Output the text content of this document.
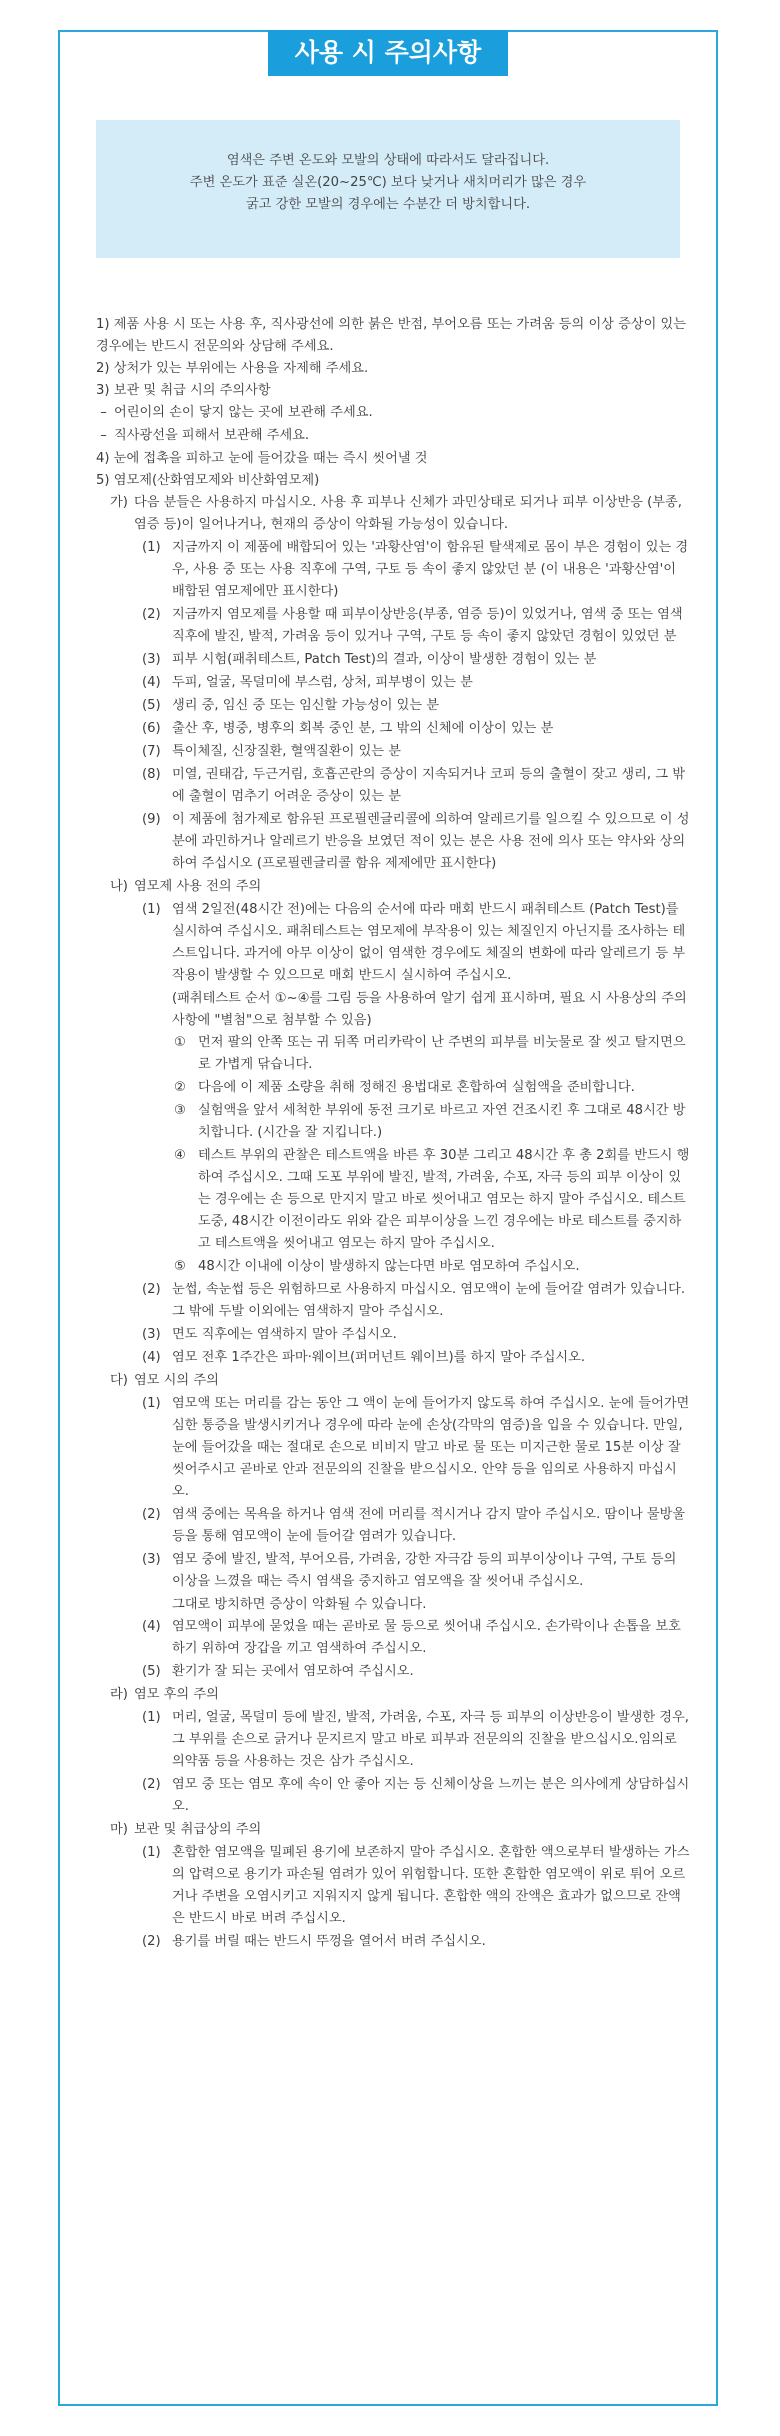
사용 시 주의사항
염색은 주변 온도와 모발의 상태에 따라서도 달라집니다.
주변 온도가 표준 실온(20~25℃) 보다 낮거나 새치머리가 많은 경우
굵고 강한 모발의 경우에는 수분간 더 방치합니다.
1) 제품 사용 시 또는 사용 후, 직사광선에 의한 붉은 반점, 부어오름 또는 가려움 등의 이상 증상이 있는 경우에는 반드시 전문의와 상담해 주세요.
2) 상처가 있는 부위에는 사용을 자제해 주세요.
3) 보관 및 취급 시의 주의사항
– 어린이의 손이 닿지 않는 곳에 보관해 주세요.
– 직사광선을 피해서 보관해 주세요.
4) 눈에 접촉을 피하고 눈에 들어갔을 때는 즉시 씻어낼 것
5) 염모제(산화염모제와 비산화염모제)
가) 다음 분들은 사용하지 마십시오. 사용 후 피부나 신체가 과민상태로 되거나 피부 이상반응 (부종, 염증 등)이 일어나거나, 현재의 증상이 악화될 가능성이 있습니다.
(1) 지금까지 이 제품에 배합되어 있는 '과황산염'이 함유된 탈색제로 몸이 부은 경험이 있는 경우, 사용 중 또는 사용 직후에 구역, 구토 등 속이 좋지 않았던 분 (이 내용은 '과황산염'이 배합된 염모제에만 표시한다)
(2) 지금까지 염모제를 사용할 때 피부이상반응(부종, 염증 등)이 있었거나, 염색 중 또는 염색 직후에 발진, 발적, 가려움 등이 있거나 구역, 구토 등 속이 좋지 않았던 경험이 있었던 분
(3) 피부 시험(패취테스트, Patch Test)의 결과, 이상이 발생한 경험이 있는 분
(4) 두피, 얼굴, 목덜미에 부스럼, 상처, 피부병이 있는 분
(5) 생리 중, 임신 중 또는 임신할 가능성이 있는 분
(6) 출산 후, 병중, 병후의 회복 중인 분, 그 밖의 신체에 이상이 있는 분
(7) 특이체질, 신장질환, 혈액질환이 있는 분
(8) 미열, 권태감, 두근거림, 호흡곤란의 증상이 지속되거나 코피 등의 출혈이 잦고 생리, 그 밖에 출혈이 멈추기 어려운 증상이 있는 분
(9) 이 제품에 첨가제로 함유된 프로필렌글리콜에 의하여 알레르기를 일으킬 수 있으므로 이 성분에 과민하거나 알레르기 반응을 보였던 적이 있는 분은 사용 전에 의사 또는 약사와 상의하여 주십시오 (프로필렌글리콜 함유 제제에만 표시한다)
나) 염모제 사용 전의 주의
(1) 염색 2일전(48시간 전)에는 다음의 순서에 따라 매회 반드시 패취테스트 (Patch Test)를 실시하여 주십시오. 패취테스트는 염모제에 부작용이 있는 체질인지 아닌지를 조사하는 테스트입니다. 과거에 아무 이상이 없이 염색한 경우에도 체질의 변화에 따라 알레르기 등 부작용이 발생할 수 있으므로 매회 반드시 실시하여 주십시오.
(패취테스트 순서 ①~④를 그림 등을 사용하여 알기 쉽게 표시하며, 필요 시 사용상의 주의사항에 "별첨"으로 첨부할 수 있음)
① 먼저 팔의 안쪽 또는 귀 뒤쪽 머리카락이 난 주변의 피부를 비눗물로 잘 씻고 탈지면으로 가볍게 닦습니다.
② 다음에 이 제품 소량을 취해 정해진 용법대로 혼합하여 실험액을 준비합니다.
③ 실험액을 앞서 세척한 부위에 동전 크기로 바르고 자연 건조시킨 후 그대로 48시간 방치합니다. (시간을 잘 지킵니다.)
④ 테스트 부위의 관찰은 테스트액을 바른 후 30분 그리고 48시간 후 총 2회를 반드시 행하여 주십시오. 그때 도포 부위에 발진, 발적, 가려움, 수포, 자극 등의 피부 이상이 있는 경우에는 손 등으로 만지지 말고 바로 씻어내고 염모는 하지 말아 주십시오. 테스트 도중, 48시간 이전이라도 위와 같은 피부이상을 느낀 경우에는 바로 테스트를 중지하고 테스트액을 씻어내고 염모는 하지 말아 주십시오.
⑤ 48시간 이내에 이상이 발생하지 않는다면 바로 염모하여 주십시오.
(2) 눈썹, 속눈썹 등은 위험하므로 사용하지 마십시오. 염모액이 눈에 들어갈 염려가 있습니다. 그 밖에 두발 이외에는 염색하지 말아 주십시오.
(3) 면도 직후에는 염색하지 말아 주십시오.
(4) 염모 전후 1주간은 파마·웨이브(퍼머넌트 웨이브)를 하지 말아 주십시오.
다) 염모 시의 주의
(1) 염모액 또는 머리를 감는 동안 그 액이 눈에 들어가지 않도록 하여 주십시오. 눈에 들어가면 심한 통증을 발생시키거나 경우에 따라 눈에 손상(각막의 염증)을 입을 수 있습니다. 만일, 눈에 들어갔을 때는 절대로 손으로 비비지 말고 바로 물 또는 미지근한 물로 15분 이상 잘 씻어주시고 곧바로 안과 전문의의 진찰을 받으십시오. 안약 등을 임의로 사용하지 마십시오.
(2) 염색 중에는 목욕을 하거나 염색 전에 머리를 적시거나 감지 말아 주십시오. 땀이나 물방울 등을 통해 염모액이 눈에 들어갈 염려가 있습니다.
(3) 염모 중에 발진, 발적, 부어오름, 가려움, 강한 자극감 등의 피부이상이나 구역, 구토 등의 이상을 느꼈을 때는 즉시 염색을 중지하고 염모액을 잘 씻어내 주십시오.
그대로 방치하면 증상이 악화될 수 있습니다.
(4) 염모액이 피부에 묻었을 때는 곧바로 물 등으로 씻어내 주십시오. 손가락이나 손톱을 보호하기 위하여 장갑을 끼고 염색하여 주십시오.
(5) 환기가 잘 되는 곳에서 염모하여 주십시오.
라) 염모 후의 주의
(1) 머리, 얼굴, 목덜미 등에 발진, 발적, 가려움, 수포, 자극 등 피부의 이상반응이 발생한 경우, 그 부위를 손으로 긁거나 문지르지 말고 바로 피부과 전문의의 진찰을 받으십시오.임의로 의약품 등을 사용하는 것은 삼가 주십시오.
(2) 염모 중 또는 염모 후에 속이 안 좋아 지는 등 신체이상을 느끼는 분은 의사에게 상담하십시오.
마) 보관 및 취급상의 주의
(1) 혼합한 염모액을 밀폐된 용기에 보존하지 말아 주십시오. 혼합한 액으로부터 발생하는 가스의 압력으로 용기가 파손될 염려가 있어 위험합니다. 또한 혼합한 염모액이 위로 튀어 오르거나 주변을 오염시키고 지워지지 않게 됩니다. 혼합한 액의 잔액은 효과가 없으므로 잔액은 반드시 바로 버려 주십시오.
(2) 용기를 버릴 때는 반드시 뚜껑을 열어서 버려 주십시오.
